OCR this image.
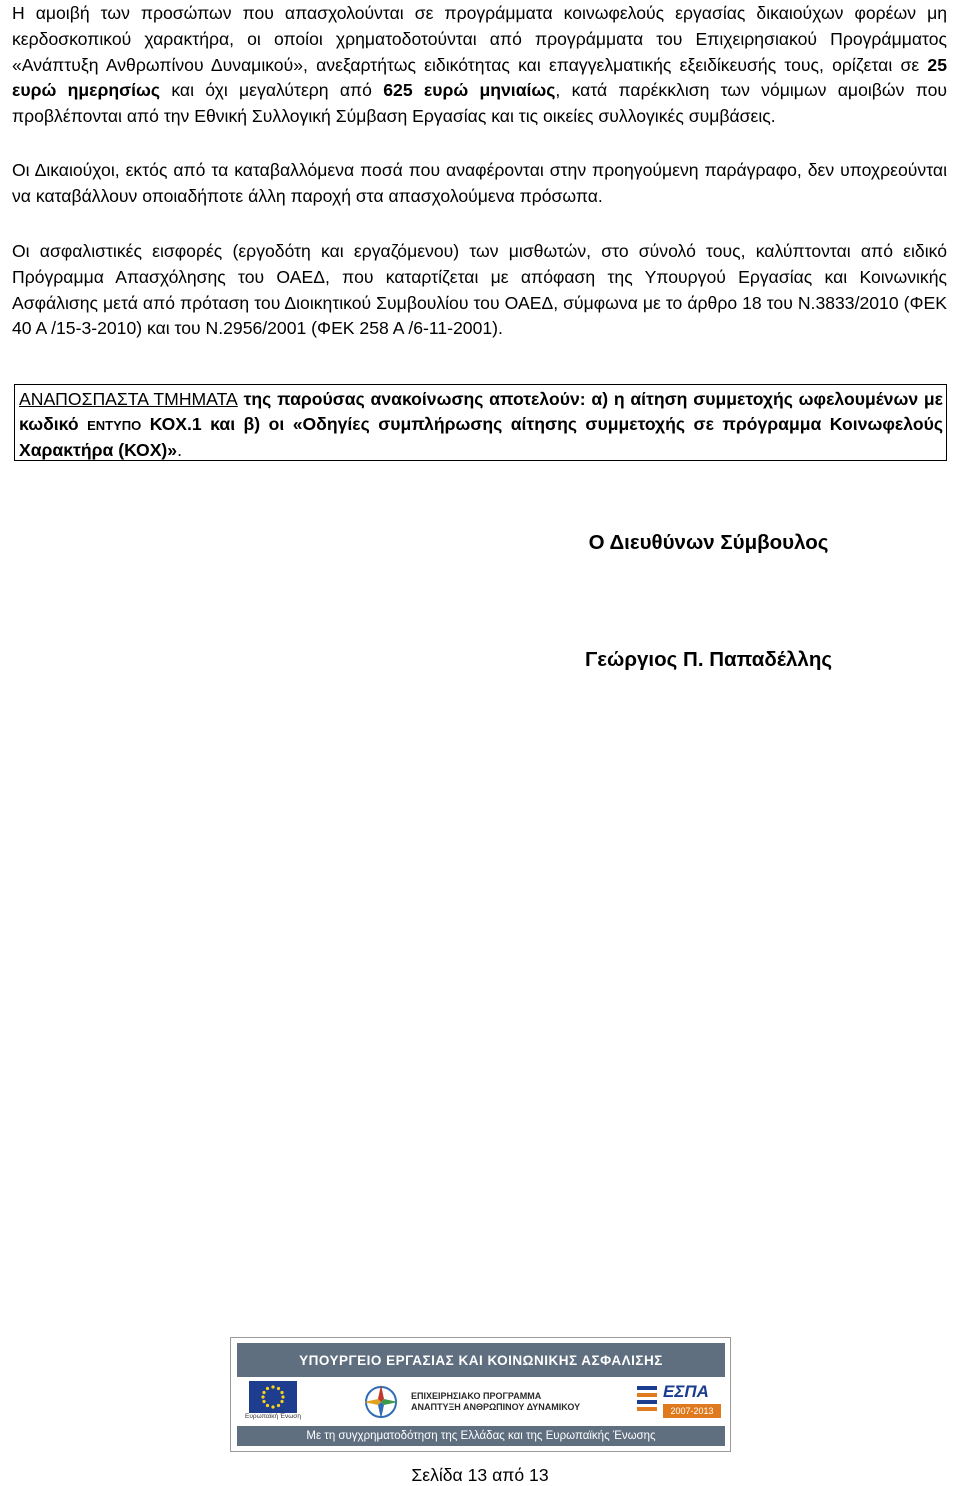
Η αμοιβή των προσώπων που απασχολούνται σε προγράμματα κοινωφελούς εργασίας δικαιούχων φορέων μη κερδοσκοπικού χαρακτήρα, οι οποίοι χρηματοδοτούνται από προγράμματα του Επιχειρησιακού Προγράμματος «Ανάπτυξη Ανθρωπίνου Δυναμικού», ανεξαρτήτως ειδικότητας και επαγγελματικής εξειδίκευσής τους, ορίζεται σε 25 ευρώ ημερησίως και όχι μεγαλύτερη από 625 ευρώ μηνιαίως, κατά παρέκκλιση των νόμιμων αμοιβών που προβλέπονται από την Εθνική Συλλογική Σύμβαση Εργασίας και τις οικείες συλλογικές συμβάσεις.

Οι Δικαιούχοι, εκτός από τα καταβαλλόμενα ποσά που αναφέρονται στην προηγούμενη παράγραφο, δεν υποχρεούνται να καταβάλλουν οποιαδήποτε άλλη παροχή στα απασχολούμενα πρόσωπα.

Οι ασφαλιστικές εισφορές (εργοδότη και εργαζόμενου) των μισθωτών, στο σύνολό τους, καλύπτονται από ειδικό Πρόγραμμα Απασχόλησης του ΟΑΕΔ, που καταρτίζεται με απόφαση της Υπουργού Εργασίας και Κοινωνικής Ασφάλισης μετά από πρόταση του Διοικητικού Συμβουλίου του ΟΑΕΔ, σύμφωνα με το άρθρο 18 του Ν.3833/2010 (ΦΕΚ 40 Α /15-3-2010) και του Ν.2956/2001 (ΦΕΚ 258 Α /6-11-2001).

ΑΝΑΠΟΣΠΑΣΤΑ ΤΜΗΜΑΤΑ της παρούσας ανακοίνωσης αποτελούν: α) η αίτηση συμμετοχής ωφελουμένων με κωδικό ΕΝΤΥΠΟ ΚΟΧ.1 και β) οι «Οδηγίες συμπλήρωσης αίτησης συμμετοχής σε πρόγραμμα Κοινωφελούς Χαρακτήρα (ΚΟΧ)».

Ο Διευθύνων Σύμβουλος
Γεώργιος Π. Παπαδέλλης
ΥΠΟΥΡΓΕΙΟ ΕΡΓΑΣΙΑΣ ΚΑΙ ΚΟΙΝΩΝΙΚΗΣ ΑΣΦΑΛΙΣΗΣ
Ευρωπαϊκή Ένωση
ΕΠΙΧΕΙΡΗΣΙΑΚΟ ΠΡΟΓΡΑΜΜΑ
ΑΝΑΠΤΥΞΗ ΑΝΘΡΩΠΙΝΟΥ ΔΥΝΑΜΙΚΟΥ
ΕΣΠΑ
2007-2013
Με τη συγχρηματοδότηση της Ελλάδας και της Ευρωπαϊκής Ένωσης
Σελίδα 13 από 13
